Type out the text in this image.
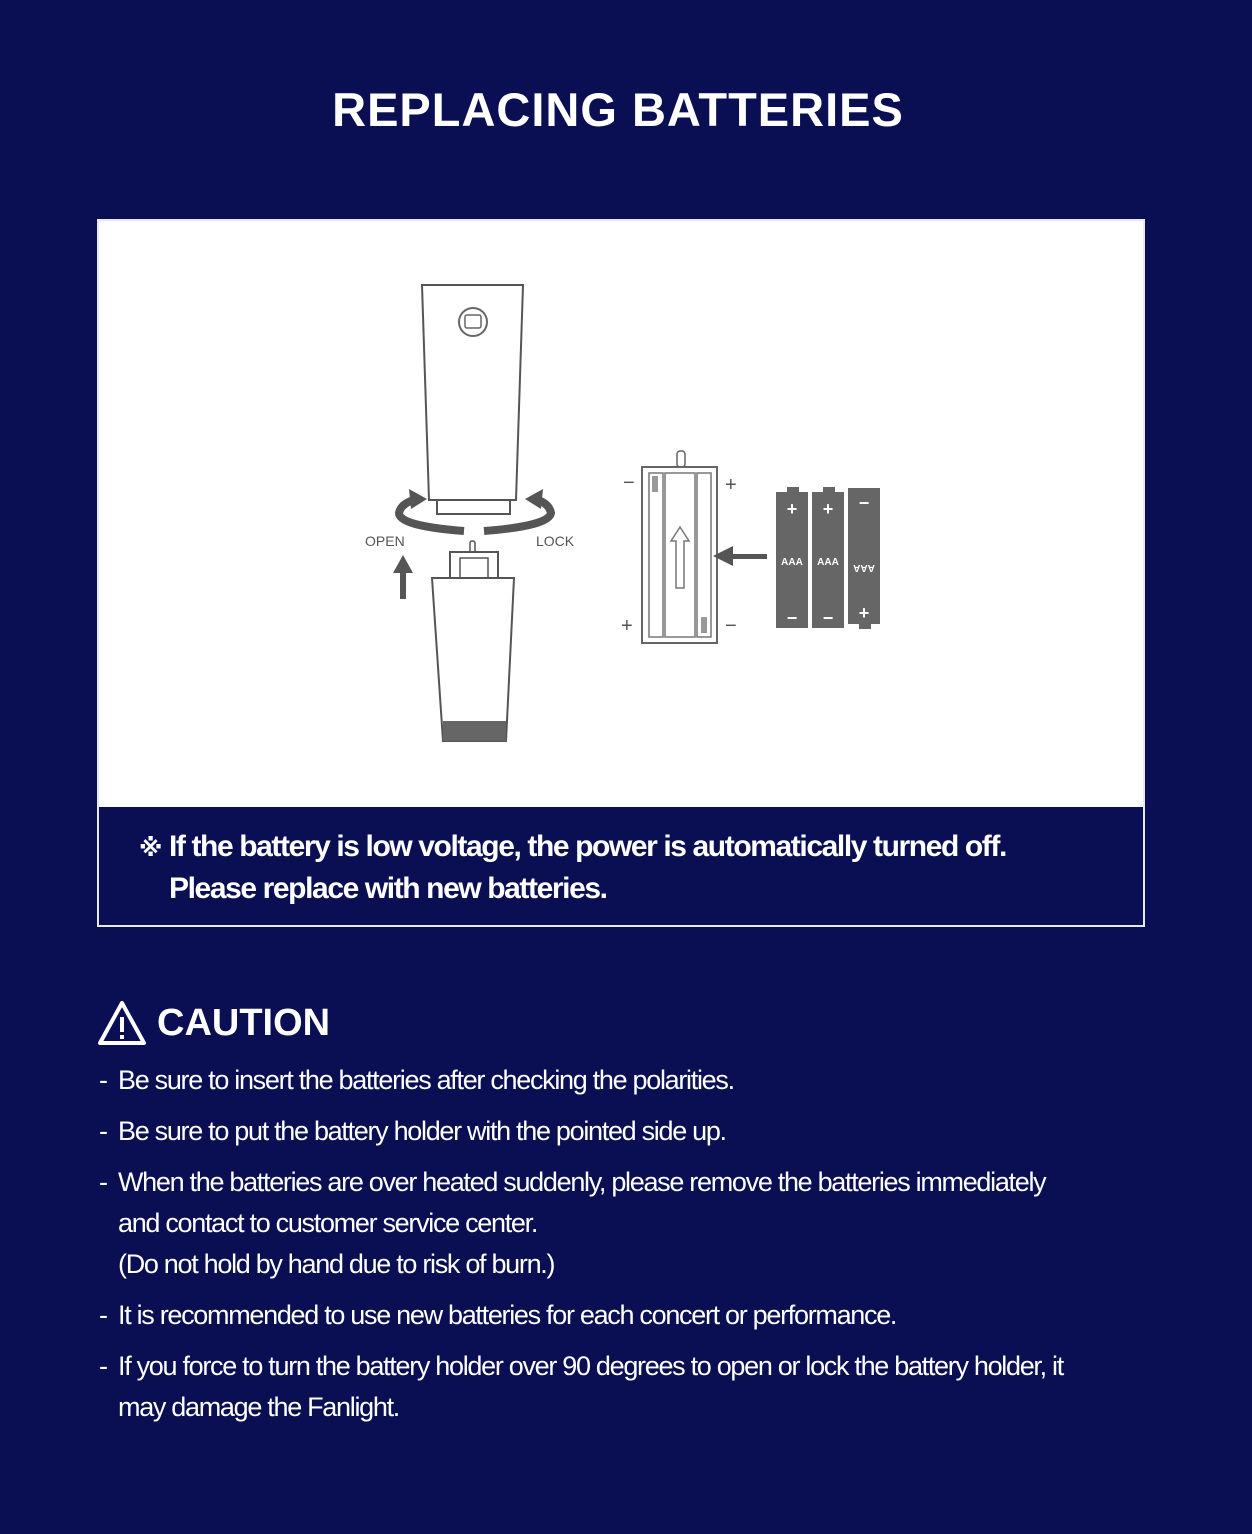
REPLACING BATTERIES
OPEN	LOCK
−	+
+	−
+
AAA
−
+
AAA
−
−
AAA
+
※ If the battery is low voltage, the power is automatically turned off.
Please replace with new batteries.
CAUTION
- Be sure to insert the batteries after checking the polarities.
- Be sure to put the battery holder with the pointed side up.
- When the batteries are over heated suddenly, please remove the batteries immediately and contact to customer service center.
(Do not hold by hand due to risk of burn.)
- It is recommended to use new batteries for each concert or performance.
- If you force to turn the battery holder over 90 degrees to open or lock the battery holder, it may damage the Fanlight.
